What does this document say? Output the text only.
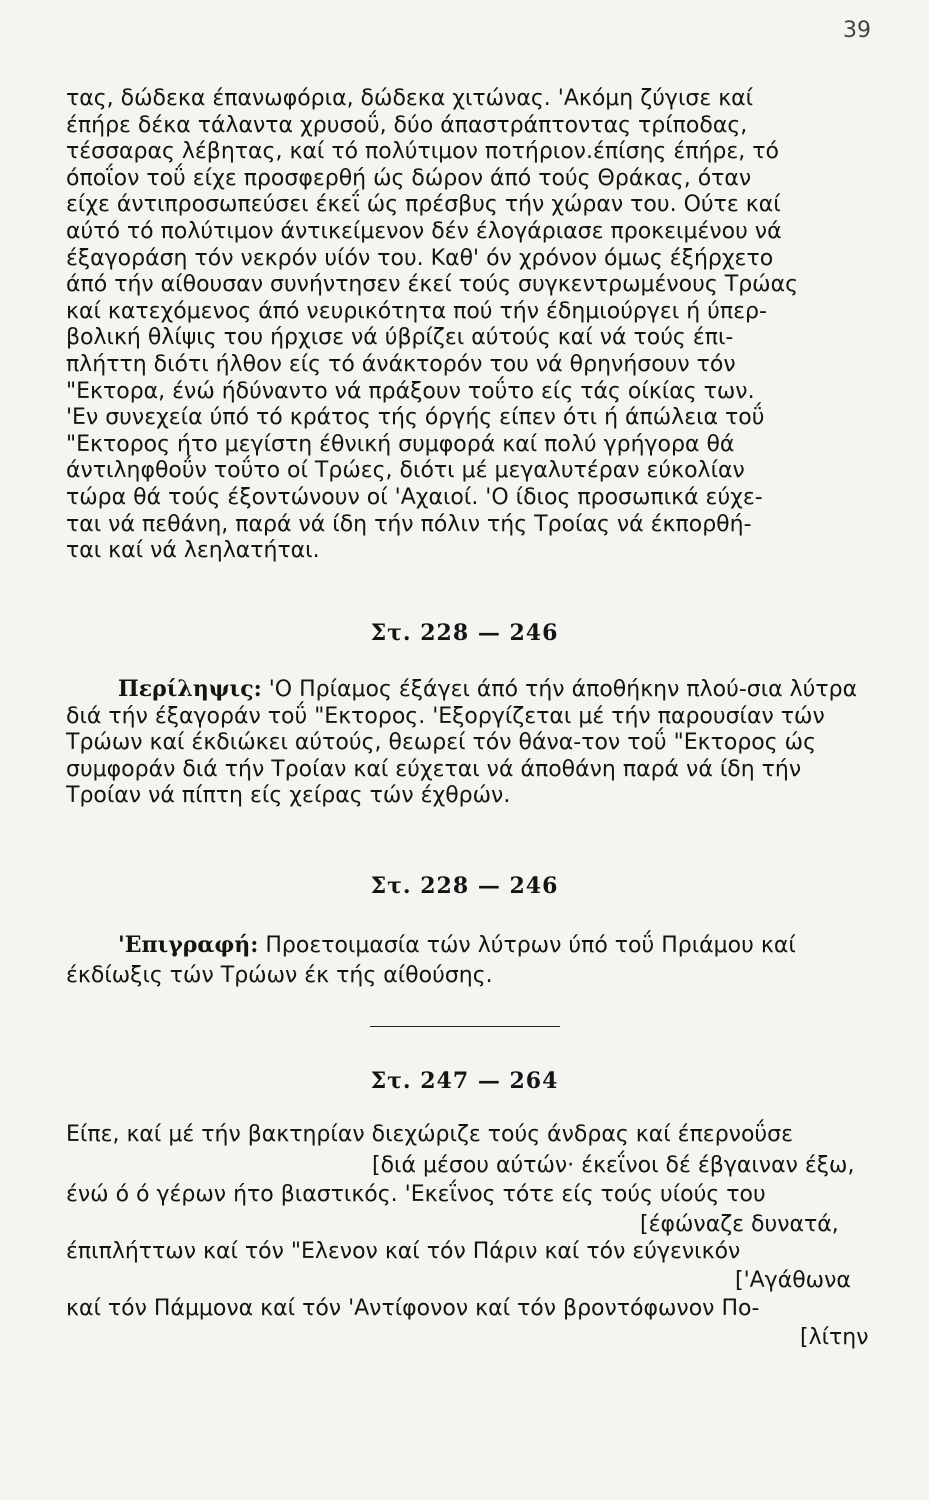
39
τας, δώδεκα έπανωφόρια, δώδεκα χιτώνας. 'Ακόμη ζύγισε καί
έπήρε δέκα τάλαντα χρυσοΰ, δύο άπαστράπτοντας τρίποδας,
τέσσαρας λέβητας, καί τό πολύτιμον ποτήριον.έπίσης έπήρε, τό
όποΐον τοΰ είχε προσφερθή ώς δώρον άπό τούς Θράκας, όταν
είχε άντιπροσωπεύσει έκεΐ ώς πρέσβυς τήν χώραν του. Ούτε καί
αύτό τό πολύτιμον άντικείμενον δέν έλογάριασε προκειμένου νά
έξαγοράση τόν νεκρόν υίόν του. Καθ' όν χρόνον όμως έξήρχετο
άπό τήν αίθουσαν συνήντησεν έκεί τούς συγκεντρωμένους Τρώας
καί κατεχόμενος άπό νευρικότητα πού τήν έδημιούργει ή ύπερ-
βολική θλίψις του ήρχισε νά ύβρίζει αύτούς καί νά τούς έπι-
πλήττη διότι ήλθον είς τό άνάκτορόν του νά θρηνήσουν τόν
"Εκτορα, ένώ ήδύναντο νά πράξουν τοΰτο είς τάς οίκίας των.
'Εν συνεχεία ύπό τό κράτος τής όργής είπεν ότι ή άπώλεια τοΰ
"Εκτορος ήτο μεγίστη έθνική συμφορά καί πολύ γρήγορα θά
άντιληφθοΰν τοΰτο οί Τρώες, διότι μέ μεγαλυτέραν εύκολίαν
τώρα θά τούς έξοντώνουν οί 'Αχαιοί. 'Ο ίδιος προσωπικά εύχε-
ται νά πεθάνη, παρά νά ίδη τήν πόλιν τής Τροίας νά έκπορθή-
ται καί νά λεηλατήται.
Στ. 228 — 246

Περίληψις: 'Ο Πρίαμος έξάγει άπό τήν άποθήκην πλού-σια λύτρα διά τήν έξαγοράν τοΰ "Εκτορος. 'Εξοργίζεται μέ τήν παρουσίαν τών Τρώων καί έκδιώκει αύτούς, θεωρεί τόν θάνα-τον τοΰ "Εκτορος ώς συμφοράν διά τήν Τροίαν καί εύχεται νά άποθάνη παρά νά ίδη τήν Τροίαν νά πίπτη είς χείρας τών έχθρών.

Στ. 228 — 246

'Επιγραφή: Προετοιμασία τών λύτρων ύπό τοΰ Πριάμου καί έκδίωξις τών Τρώων έκ τής αίθούσης.

Στ. 247 — 264

Είπε, καί μέ τήν βακτηρίαν διεχώριζε τούς άνδρας καί έπερνοΰσε

[διά μέσου αύτών· έκεΐνοι δέ έβγαιναν έξω,

ένώ ό ό γέρων ήτο βιαστικός. 'Εκεΐνος τότε είς τούς υίούς του

[έφώναζε δυνατά,

έπιπλήττων καί τόν "Ελενον καί τόν Πάριν καί τόν εύγενικόν

['Αγάθωνα

καί τόν Πάμμονα καί τόν 'Αντίφονον καί τόν βροντόφωνον Πο-

[λίτην
